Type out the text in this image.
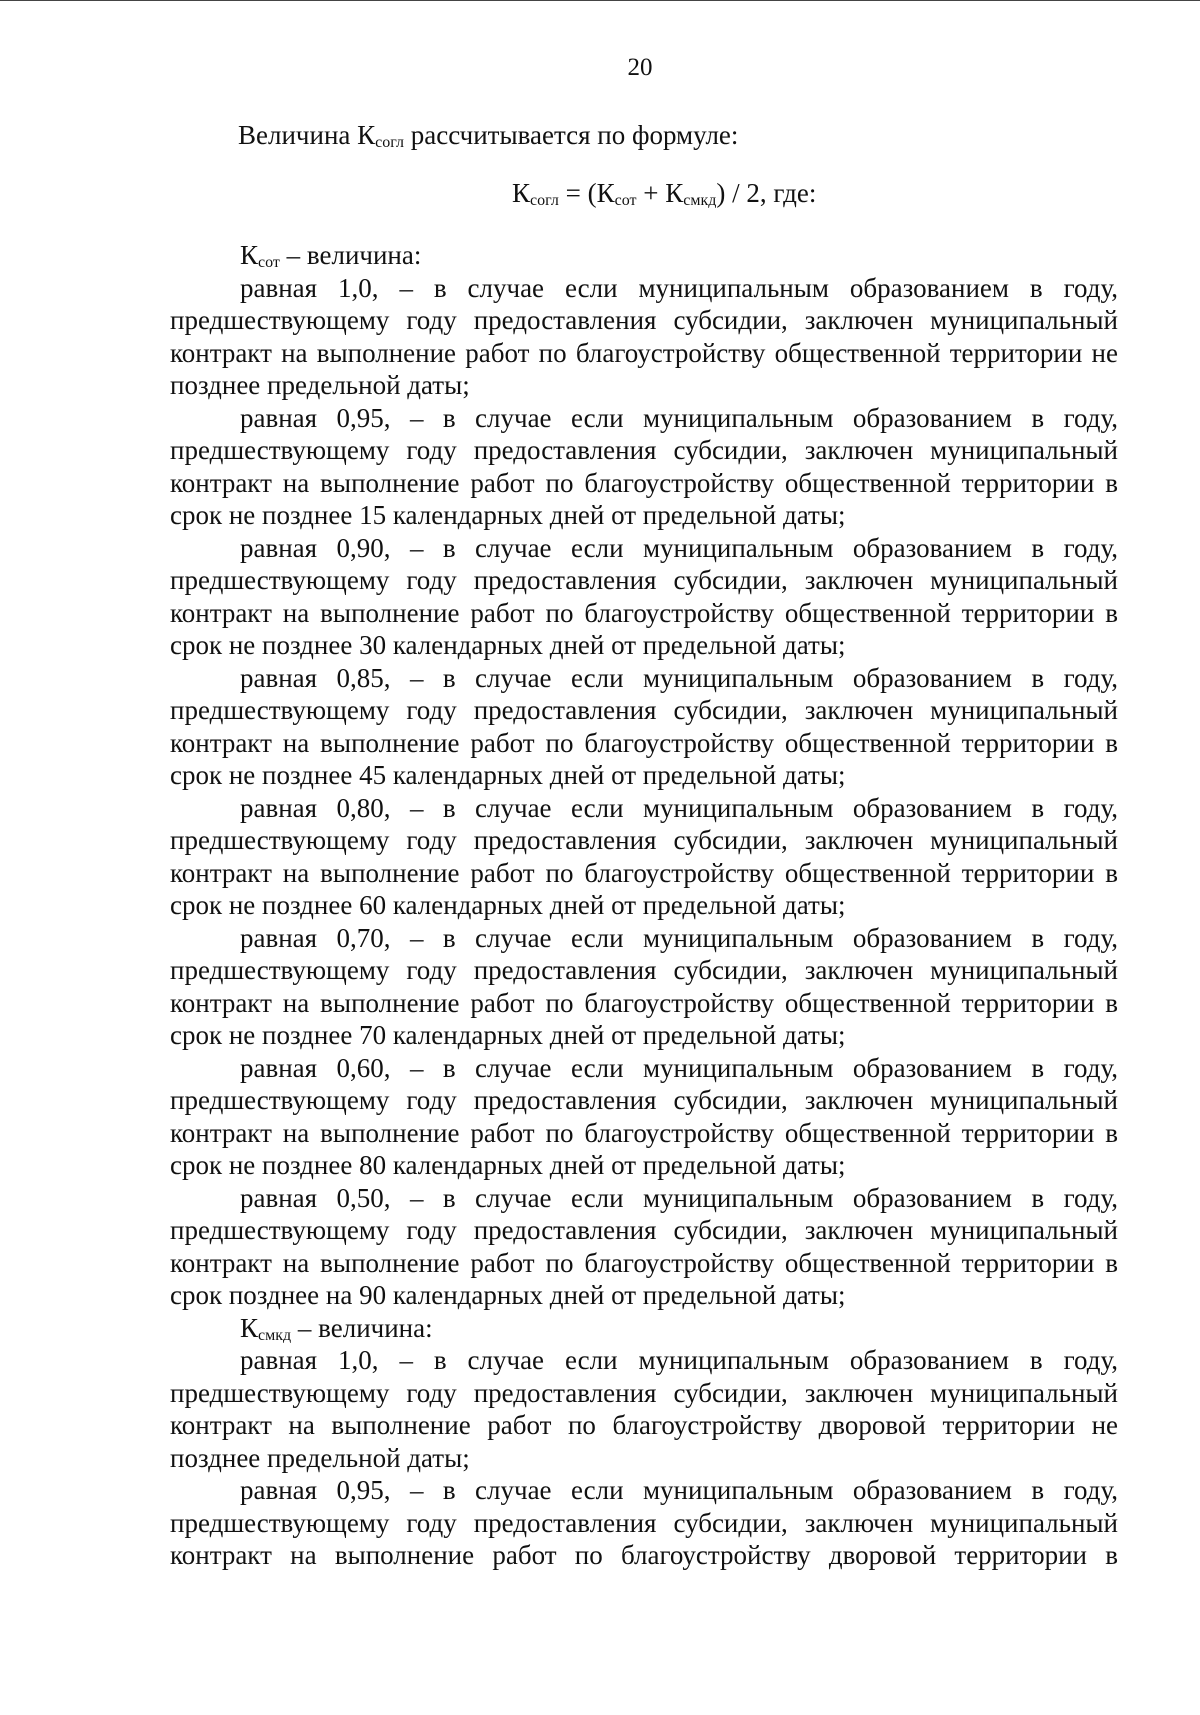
20

Величина $К_{согл}$ рассчитывается по формуле:

$К_{согл} = (К_{сот} + К_{смкд}) / 2$, где:

$К_{сот}$ – величина:

равная 1,0, – в случае если муниципальным образованием в году, предшествующему году предоставления субсидии, заключен муниципальный контракт на выполнение работ по благоустройству общественной территории не позднее предельной даты;

равная 0,95, – в случае если муниципальным образованием в году, предшествующему году предоставления субсидии, заключен муниципальный контракт на выполнение работ по благоустройству общественной территории в срок не позднее 15 календарных дней от предельной даты;

равная 0,90, – в случае если муниципальным образованием в году, предшествующему году предоставления субсидии, заключен муниципальный контракт на выполнение работ по благоустройству общественной территории в срок не позднее 30 календарных дней от предельной даты;

равная 0,85, – в случае если муниципальным образованием в году, предшествующему году предоставления субсидии, заключен муниципальный контракт на выполнение работ по благоустройству общественной территории в срок не позднее 45 календарных дней от предельной даты;

равная 0,80, – в случае если муниципальным образованием в году, предшествующему году предоставления субсидии, заключен муниципальный контракт на выполнение работ по благоустройству общественной территории в срок не позднее 60 календарных дней от предельной даты;

равная 0,70, – в случае если муниципальным образованием в году, предшествующему году предоставления субсидии, заключен муниципальный контракт на выполнение работ по благоустройству общественной территории в срок не позднее 70 календарных дней от предельной даты;

равная 0,60, – в случае если муниципальным образованием в году, предшествующему году предоставления субсидии, заключен муниципальный контракт на выполнение работ по благоустройству общественной территории в срок не позднее 80 календарных дней от предельной даты;

равная 0,50, – в случае если муниципальным образованием в году, предшествующему году предоставления субсидии, заключен муниципальный контракт на выполнение работ по благоустройству общественной территории в срок позднее на 90 календарных дней от предельной даты;

$К_{смкд}$ – величина:

равная 1,0, – в случае если муниципальным образованием в году, предшествующему году предоставления субсидии, заключен муниципальный контракт на выполнение работ по благоустройству дворовой территории не позднее предельной даты;

равная 0,95, – в случае если муниципальным образованием в году, предшествующему году предоставления субсидии, заключен муниципальный контракт на выполнение работ по благоустройству дворовой территории в
